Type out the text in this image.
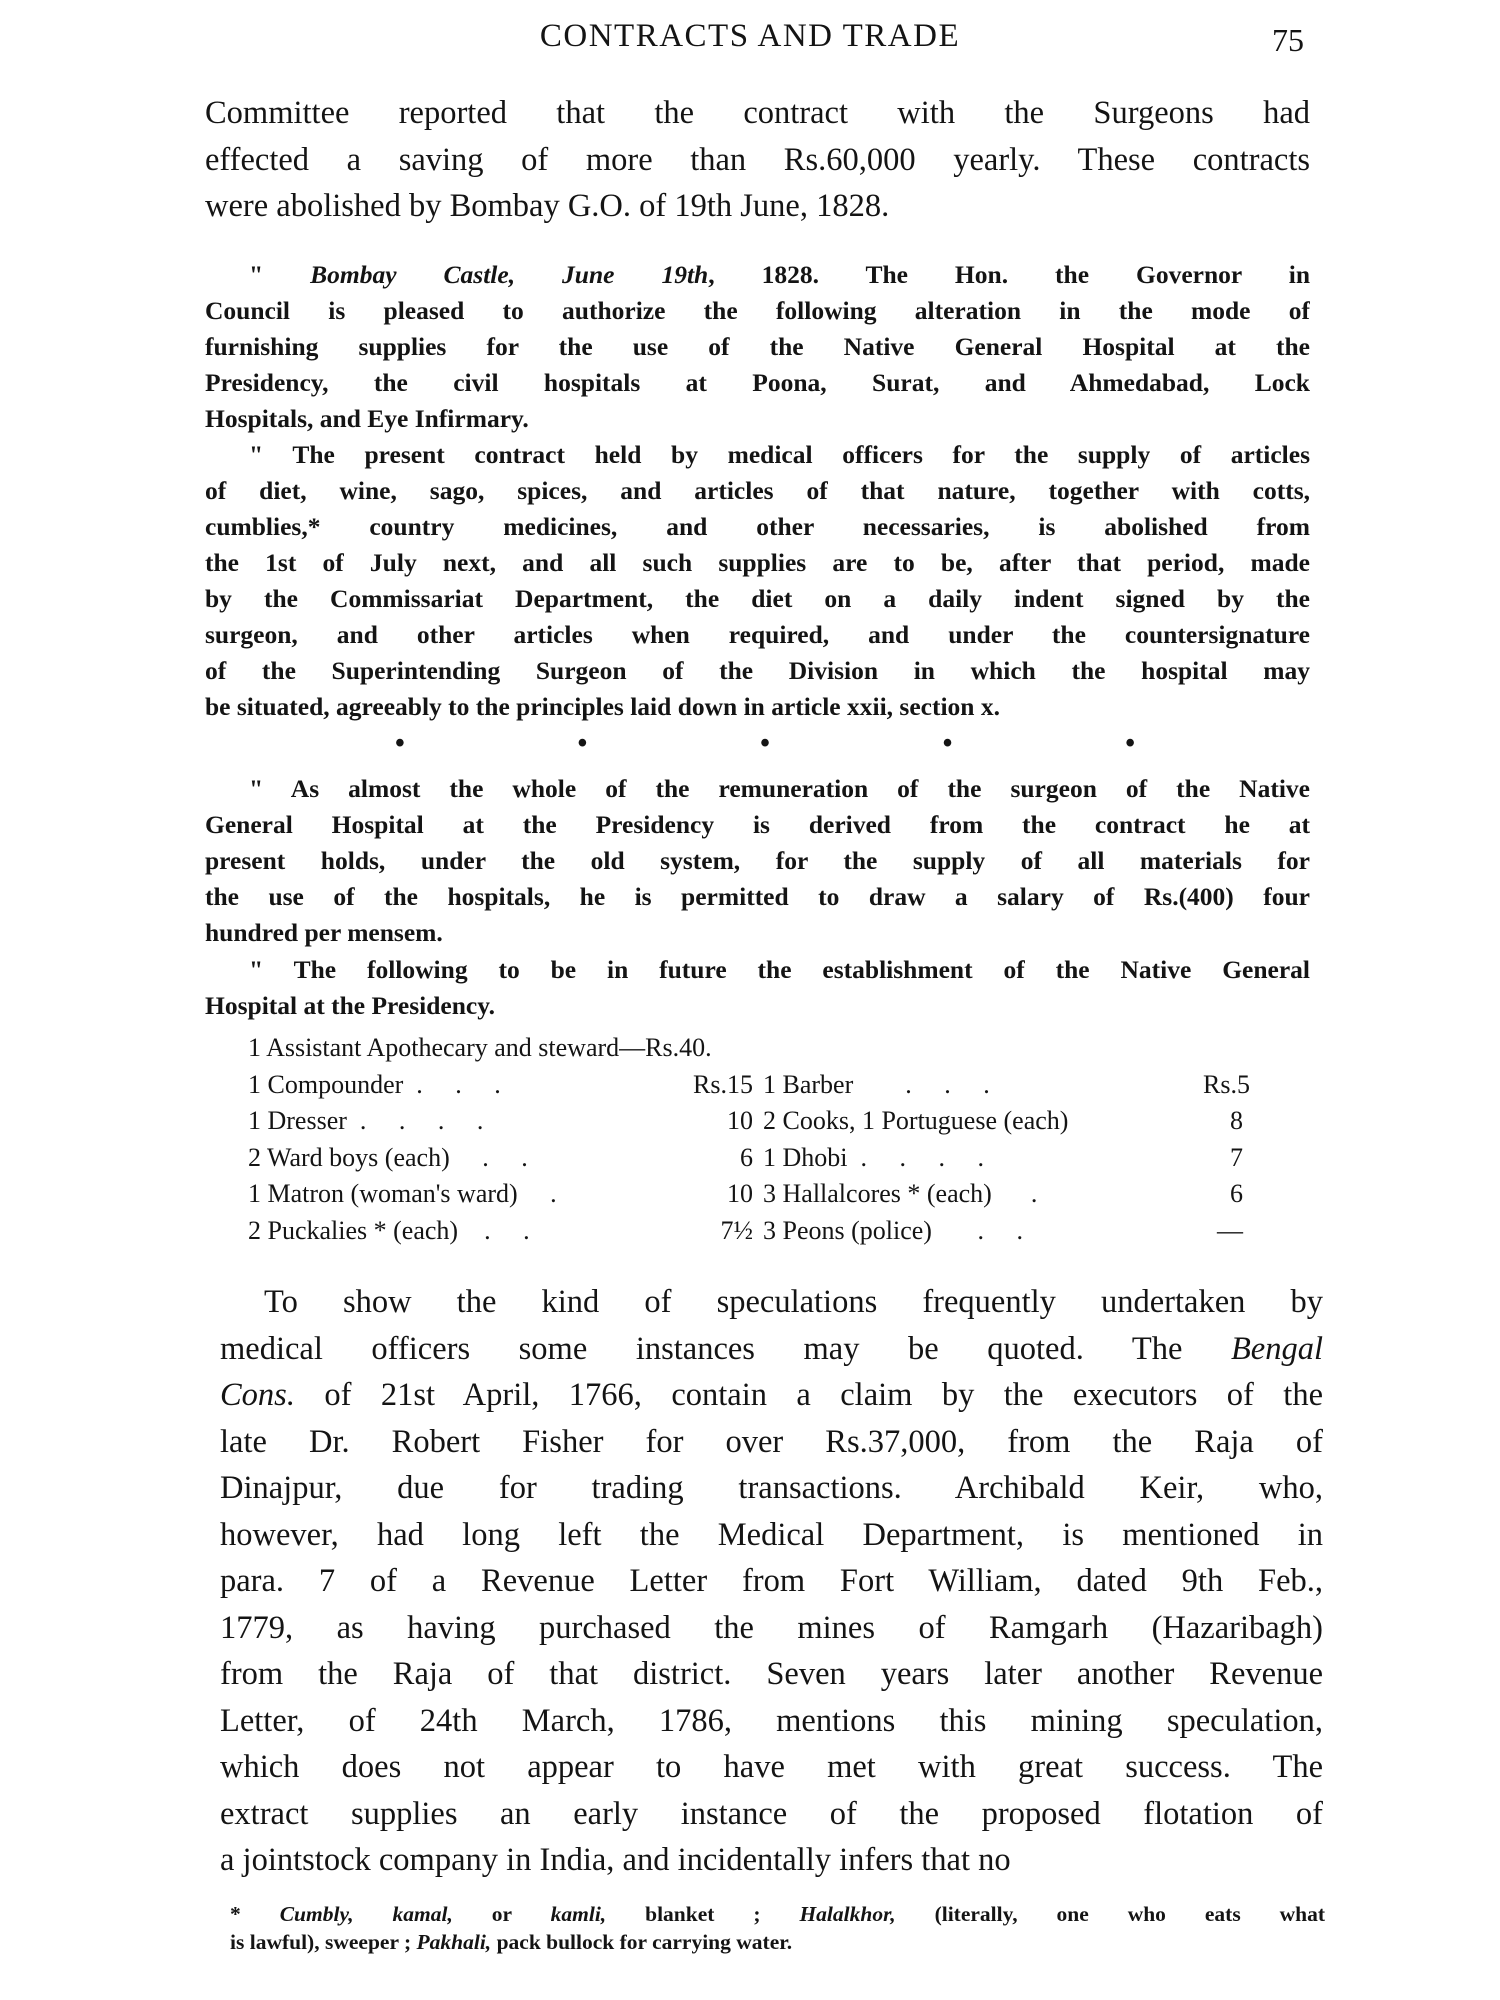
CONTRACTS AND TRADE	75
Committee reported that the contract with the Surgeons had
effected a saving of more than Rs.60,000 yearly. These contracts
were abolished by Bombay G.O. of 19th June, 1828.
" Bombay Castle, June 19th, 1828. The Hon. the Governor in
Council is pleased to authorize the following alteration in the mode of
furnishing supplies for the use of the Native General Hospital at the
Presidency, the civil hospitals at Poona, Surat, and Ahmedabad, Lock
Hospitals, and Eye Infirmary.
" The present contract held by medical officers for the supply of articles
of diet, wine, sago, spices, and articles of that nature, together with cotts,
cumblies,* country medicines, and other necessaries, is abolished from
the 1st of July next, and all such supplies are to be, after that period, made
by the Commissariat Department, the diet on a daily indent signed by the
surgeon, and other articles when required, and under the countersignature
of the Superintending Surgeon of the Division in which the hospital may
be situated, agreeably to the principles laid down in article xxii, section x.
•	•	•	•	•
" As almost the whole of the remuneration of the surgeon of the Native
General Hospital at the Presidency is derived from the contract he at
present holds, under the old system, for the supply of all materials for
the use of the hospitals, he is permitted to draw a salary of Rs.(400) four
hundred per mensem.
" The following to be in future the establishment of the Native General
Hospital at the Presidency.
1 Assistant Apothecary and steward—Rs.40.
1 Compounder  .     .     .	Rs.15 1 Barber        .     .     .	Rs.5
1 Dresser  .     .     .     .	10 2 Cooks, 1 Portuguese (each)	8
2 Ward boys (each)     .     .	6 1 Dhobi  .     .     .     .	7
1 Matron (woman's ward)     .	10 3 Hallalcores * (each)      .	6
2 Puckalies * (each)    .     .	7½ 3 Peons (police)       .     .	—
To show the kind of speculations frequently undertaken by
medical officers some instances may be quoted. The Bengal
Cons. of 21st April, 1766, contain a claim by the executors of the
late Dr. Robert Fisher for over Rs.37,000, from the Raja of
Dinajpur, due for trading transactions. Archibald Keir, who,
however, had long left the Medical Department, is mentioned in
para. 7 of a Revenue Letter from Fort William, dated 9th Feb.,
1779, as having purchased the mines of Ramgarh (Hazaribagh)
from the Raja of that district. Seven years later another Revenue
Letter, of 24th March, 1786, mentions this mining speculation,
which does not appear to have met with great success. The
extract supplies an early instance of the proposed flotation of
a jointstock company in India, and incidentally infers that no
* Cumbly, kamal, or kamli, blanket ; Halalkhor, (literally, one who eats what
is lawful), sweeper ; Pakhali, pack bullock for carrying water.
